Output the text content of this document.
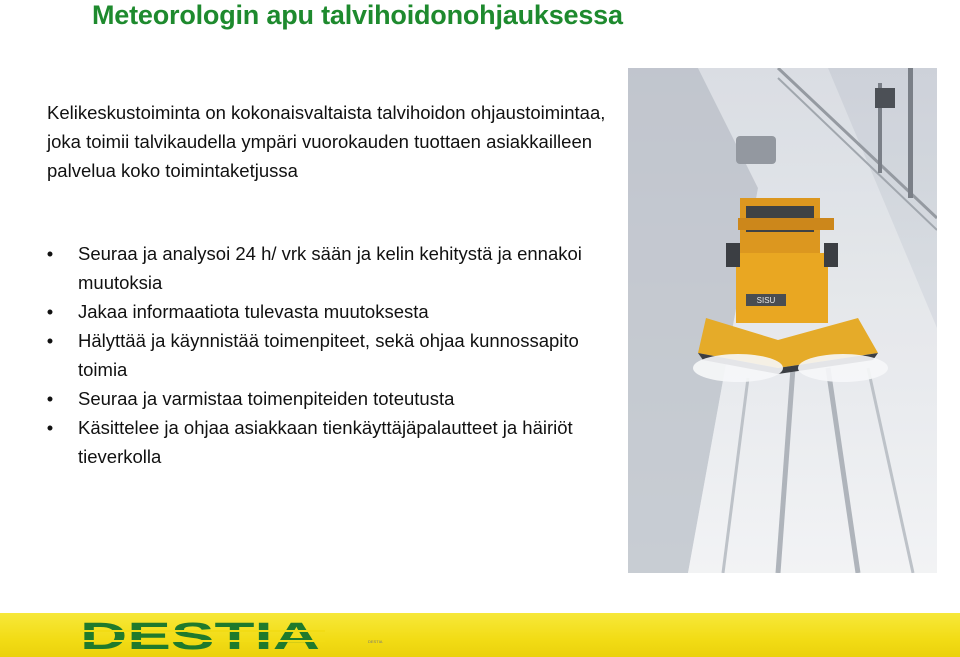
Meteorologin apu talvihoidonohjauksessa
Kelikeskustoiminta on kokonaisvaltaista talvihoidon ohjaustoimintaa, joka toimii talvikaudella ympäri vuorokauden tuottaen asiakkailleen palvelua koko toimintaketjussa
•	Seuraa ja analysoi 24 h/ vrk sään ja kelin kehitystä ja ennakoi muutoksia
•	Jakaa informaatiota tulevasta muutoksesta
•	Hälyttää ja käynnistää toimenpiteet, sekä ohjaa kunnossapito toimia
•	Seuraa ja varmistaa toimenpiteiden toteutusta
•	Käsittelee ja ohjaa asiakkaan tienkäyttäjäpalautteet ja häiriöt tieverkolla
SISU
DESTIA	DESTIA
